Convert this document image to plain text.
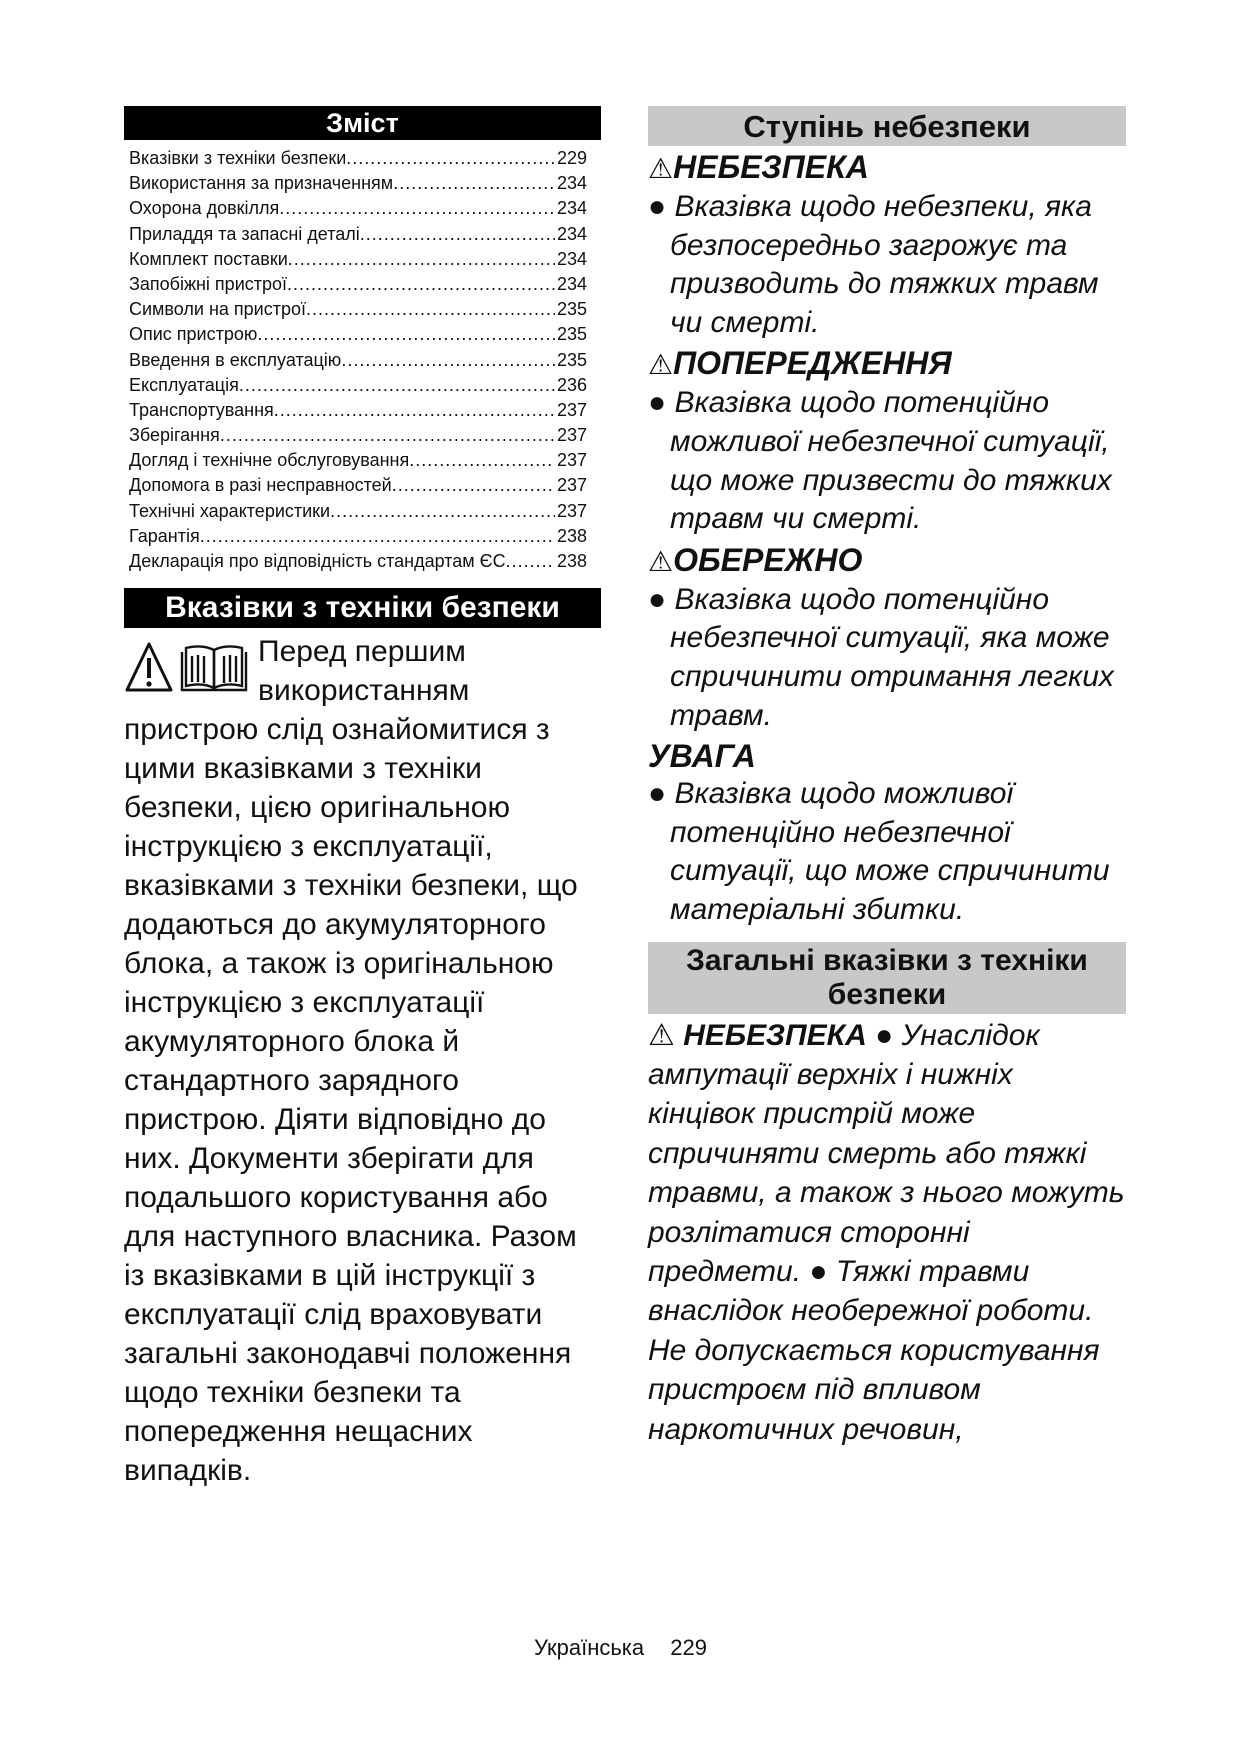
Зміст
Вказівки з техніки безпеки .....	229
Використання за призначенням .....	234
Охорона довкілля .....	234
Приладдя та запасні деталі .....	234
Комплект поставки .....	234
Запобіжні пристрої .....	234
Символи на пристрої .....	235
Опис пристрою .....	235
Введення в експлуатацію .....	235
Експлуатація .....	236
Транспортування .....	237
Зберігання .....	237
Догляд і технічне обслуговування .....	237
Допомога в разі несправностей .....	237
Технічні характеристики .....	237
Гарантія .....	238
Декларація про відповідність стандартам ЄС .....	238
Вказівки з техніки безпеки
Перед першим використанням пристрою слід ознайомитися з цими вказівками з техніки безпеки, цією оригінальною інструкцією з експлуатації, вказівками з техніки безпеки, що додаються до акумуляторного блока, а також із оригінальною інструкцією з експлуатації акумуляторного блока й стандартного зарядного пристрою. Діяти відповідно до них. Документи зберігати для подальшого користування або для наступного власника. Разом із вказівками в цій інструкції з експлуатації слід враховувати загальні законодавчі положення щодо техніки безпеки та попередження нещасних випадків.
Ступінь небезпеки
⚠НЕБЕЗПЕКА
● Вказівка щодо небезпеки, яка безпосередньо загрожує та призводить до тяжких травм чи смерті.
⚠ПОПЕРЕДЖЕННЯ
● Вказівка щодо потенційно можливої небезпечної ситуації, що може призвести до тяжких травм чи смерті.
⚠ОБЕРЕЖНО
● Вказівка щодо потенційно небезпечної ситуації, яка може спричинити отримання легких травм.
УВАГА
● Вказівка щодо можливої потенційно небезпечної ситуації, що може спричинити матеріальні збитки.
Загальні вказівки з техніки безпеки
⚠ НЕБЕЗПЕКА ● Унаслідок ампутації верхніх і нижніх кінцівок пристрій може спричиняти смерть або тяжкі травми, а також з нього можуть розлітатися сторонні предмети. ● Тяжкі травми внаслідок необережної роботи. Не допускається користування пристроєм під впливом наркотичних речовин,
Українська 229
